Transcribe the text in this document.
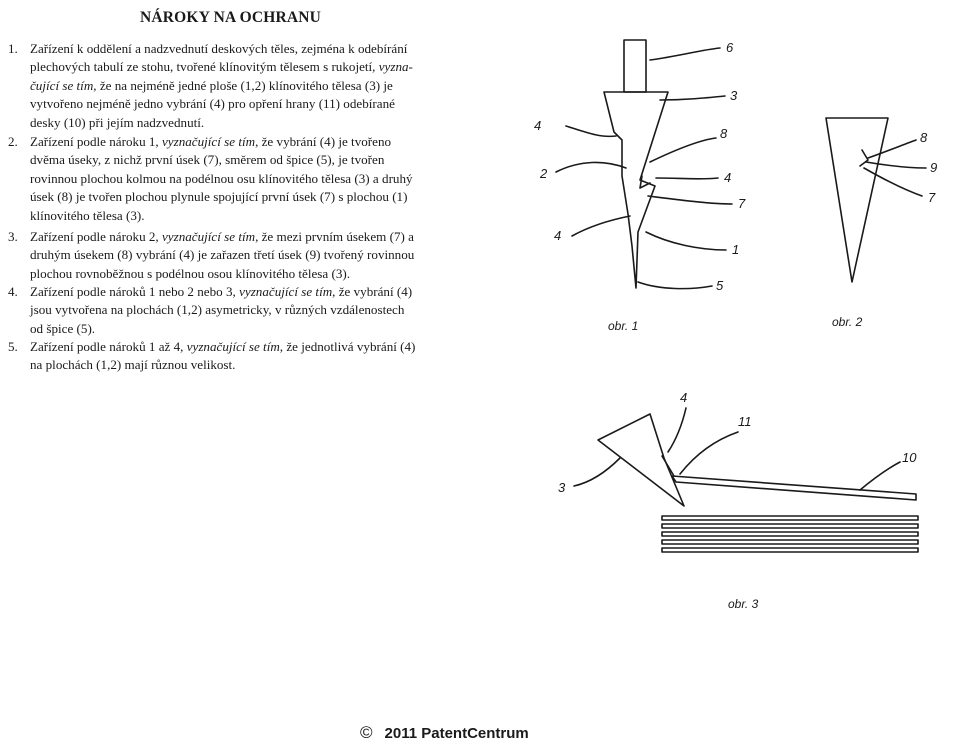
NÁROKY NA OCHRANU
1. Zařízení k oddělení a nadzvednutí deskových těles, zejména k odebírání
plechových tabulí ze stohu, tvořené klínovitým tělesem s rukojetí, vyzna-
čující se tím, že na nejméně jedné ploše (1,2) klínovitého tělesa (3) je
vytvořeno nejméně jedno vybrání (4) pro opření hrany (11) odebírané
desky (10) při jejím nadzvednutí.
2. Zařízení podle nároku 1, vyznačující se tím, že vybrání (4) je tvořeno
dvěma úseky, z nichž první úsek (7), směrem od špice (5), je tvořen
rovinnou plochou kolmou na podélnou osu klínovitého tělesa (3) a druhý
úsek (8) je tvořen plochou plynule spojující první úsek (7) s plochou (1)
klínovitého tělesa (3).
3. Zařízení podle nároku 2, vyznačující se tím, že mezi prvním úsekem (7) a
druhým úsekem (8) vybrání (4) je zařazen třetí úsek (9) tvořený rovinnou
plochou rovnoběžnou s podélnou osou klínovitého tělesa (3).
4. Zařízení podle nároků 1 nebo 2 nebo 3, vyznačující se tím, že vybrání (4)
jsou vytvořena na plochách (1,2) asymetricky, v různých vzdálenostech
od špice (5).
5. Zařízení podle nároků 1 až 4, vyznačující se tím, že jednotlivá vybrání (4)
na plochách (1,2) mají různou velikost.
6
3
4
8
2	4
7
4
1
5
obr. 1
8
9
7
obr. 2
4
11
10
3
obr. 3
© 2011 PatentCentrum
